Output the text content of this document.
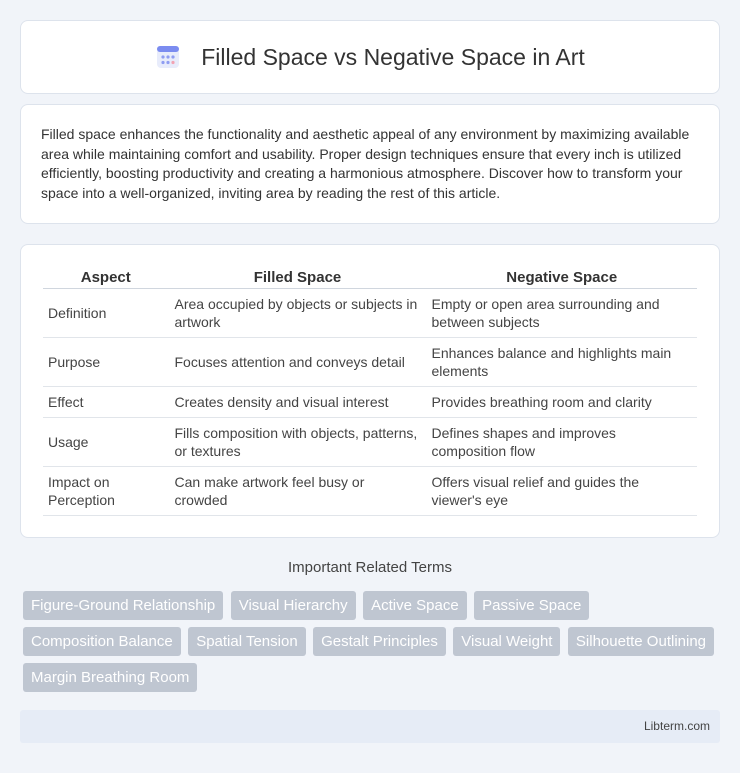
Filled Space vs Negative Space in Art

Filled space enhances the functionality and aesthetic appeal of any environment by maximizing available area while maintaining comfort and usability. Proper design techniques ensure that every inch is utilized efficiently, boosting productivity and creating a harmonious atmosphere. Discover how to transform your space into a well-organized, inviting area by reading the rest of this article.

Aspect	Filled Space	Negative Space
Definition	Area occupied by objects or subjects in artwork	Empty or open area surrounding and between subjects
Purpose	Focuses attention and conveys detail	Enhances balance and highlights main elements
Effect	Creates density and visual interest	Provides breathing room and clarity
Usage	Fills composition with objects, patterns, or textures	Defines shapes and improves composition flow
Impact on Perception	Can make artwork feel busy or crowded	Offers visual relief and guides the viewer's eye
Important Related Terms
Figure-Ground Relationship Visual Hierarchy Active Space Passive Space Composition Balance Spatial Tension Gestalt Principles Visual Weight Silhouette Outlining Margin Breathing Room
Libterm.com
